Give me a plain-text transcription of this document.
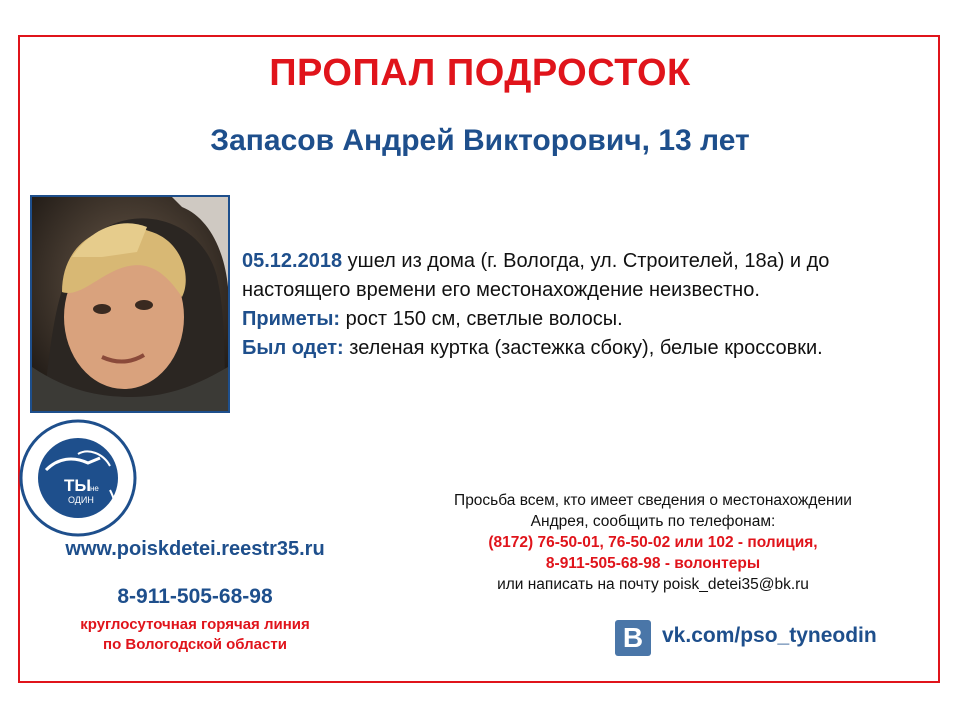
ПРОПАЛ ПОДРОСТОК
Запасов Андрей Викторович, 13 лет
05.12.2018 ушел из дома (г. Вологда, ул. Строителей, 18а) и до настоящего времени его местонахождение неизвестно.
Приметы: рост 150 см, светлые волосы.
Был одет: зеленая куртка (застежка сбоку), белые кроссовки.
ТЫ
не
ОДИН
www.poiskdetei.reestr35.ru
8-911-505-68-98
круглосуточная горячая линия
по Вологодской области
Просьба всем, кто имеет сведения о местонахождении
Андрея, сообщить по телефонам:
(8172) 76-50-01, 76-50-02 или 102 - полиция,
8-911-505-68-98 - волонтеры
или написать на почту poisk_detei35@bk.ru
B vk.com/pso_tyneodin
